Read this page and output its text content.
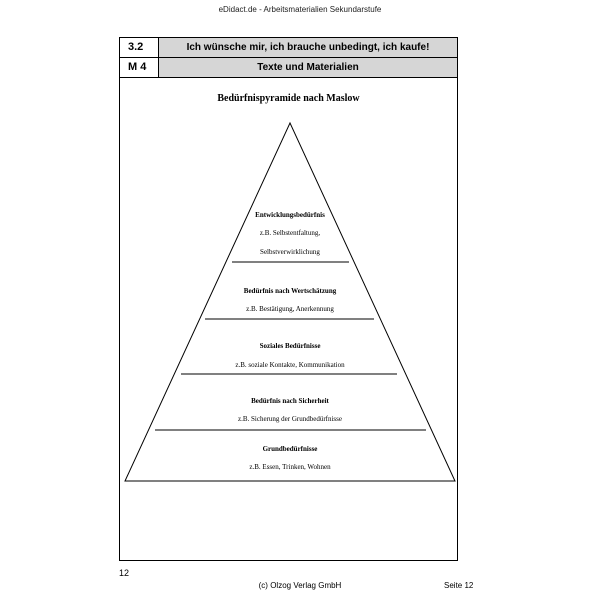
eDidact.de - Arbeitsmaterialien Sekundarstufe
3.2	Ich wünsche mir, ich brauche unbedingt, ich kaufe!
M 4	Texte und Materialien
Bedürfnispyramide nach Maslow
Entwicklungsbedürfnis
z.B. Selbstentfaltung,
Selbstverwirklichung
Bedürfnis nach Wertschätzung
z.B. Bestätigung, Anerkennung
Soziales Bedürfnisse
z.B. soziale Kontakte, Kommunikation
Bedürfnis nach Sicherheit
z.B. Sicherung der Grundbedürfnisse
Grundbedürfnisse
z.B. Essen, Trinken, Wohnen
12
(c) Olzog Verlag GmbH	Seite 12
